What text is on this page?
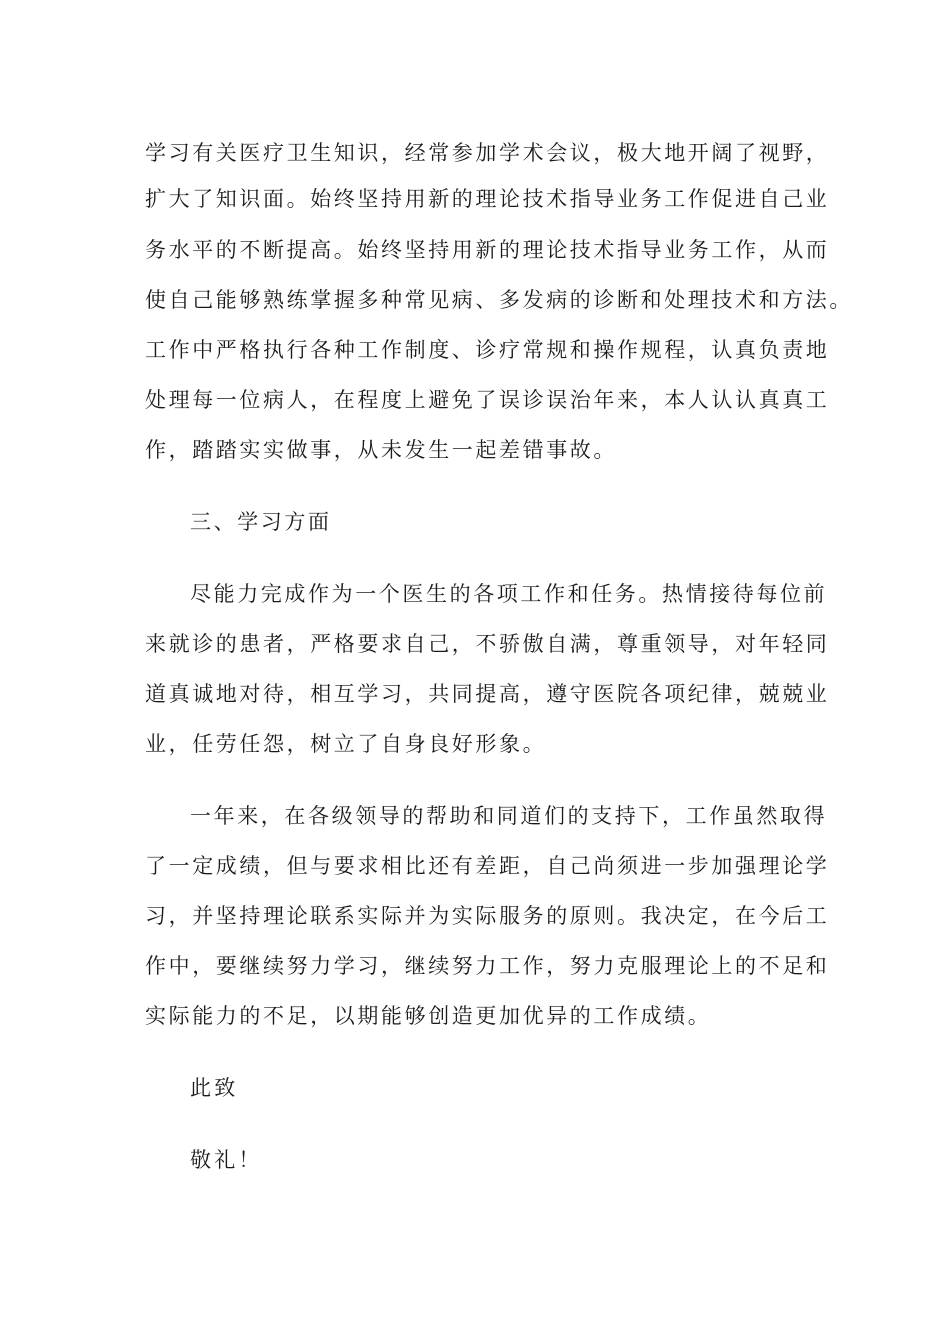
学习有关医疗卫生知识，经常参加学术会议，极大地开阔了视野，
扩大了知识面。始终坚持用新的理论技术指导业务工作促进自己业
务水平的不断提高。始终坚持用新的理论技术指导业务工作，从而
使自己能够熟练掌握多种常见病、多发病的诊断和处理技术和方法。
工作中严格执行各种工作制度、诊疗常规和操作规程，认真负责地
处理每一位病人，在程度上避免了误诊误治年来，本人认认真真工
作，踏踏实实做事，从未发生一起差错事故。
三、学习方面
尽能力完成作为一个医生的各项工作和任务。热情接待每位前
来就诊的患者，严格要求自己，不骄傲自满，尊重领导，对年轻同
道真诚地对待，相互学习，共同提高，遵守医院各项纪律，兢兢业
业，任劳任怨，树立了自身良好形象。
一年来，在各级领导的帮助和同道们的支持下，工作虽然取得
了一定成绩，但与要求相比还有差距，自己尚须进一步加强理论学
习，并坚持理论联系实际并为实际服务的原则。我决定，在今后工
作中，要继续努力学习，继续努力工作，努力克服理论上的不足和
实际能力的不足，以期能够创造更加优异的工作成绩。
此致
敬礼！
